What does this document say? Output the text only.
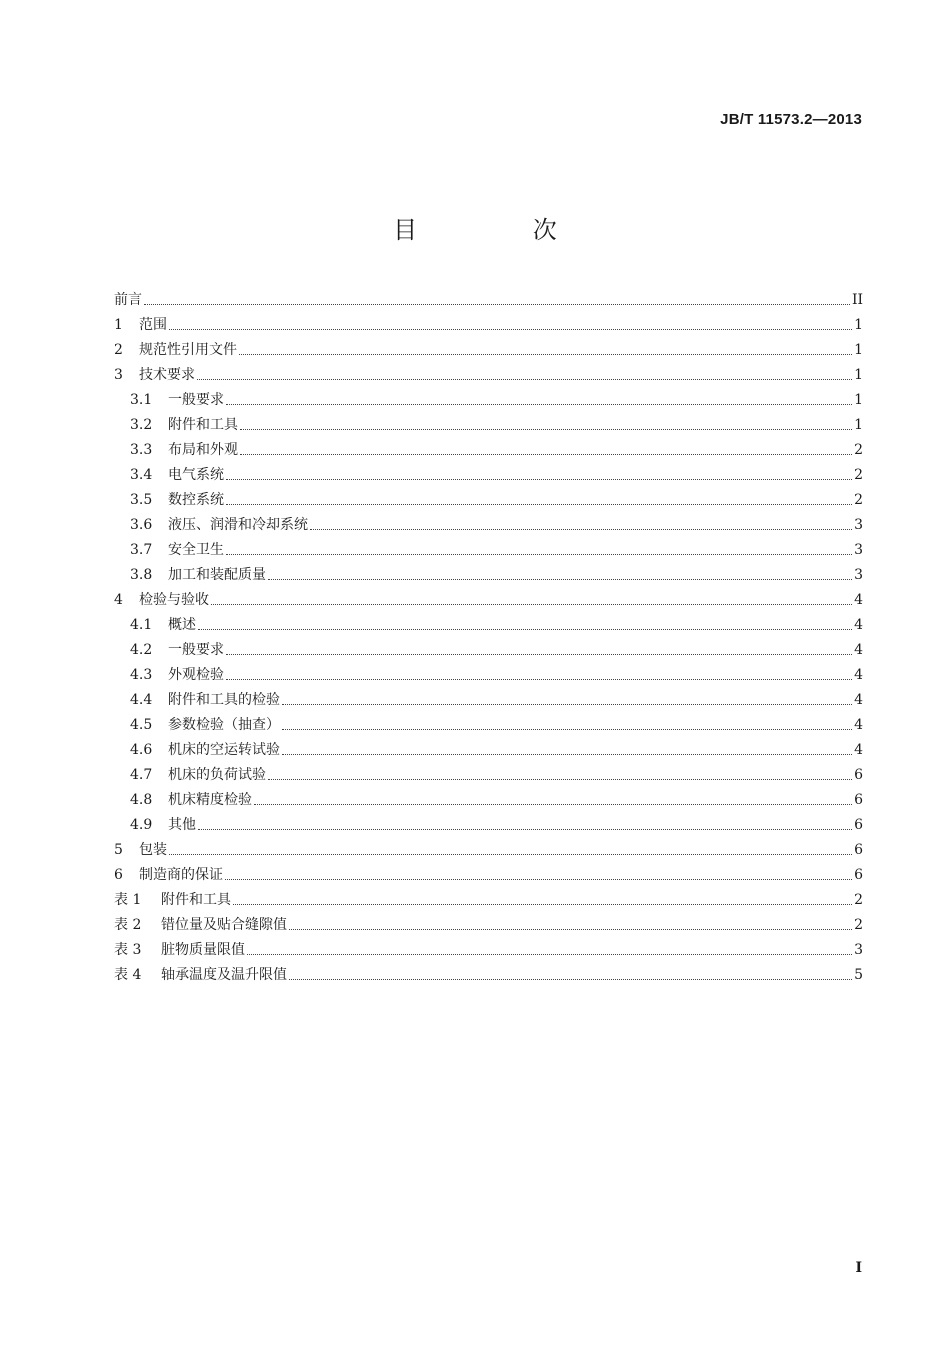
JB/T 11573.2—2013
目 次
前言	II
1	范围	1
2	规范性引用文件	1
3	技术要求	1
3.1	一般要求	1
3.2	附件和工具	1
3.3	布局和外观	2
3.4	电气系统	2
3.5	数控系统	2
3.6	液压、润滑和冷却系统	3
3.7	安全卫生	3
3.8	加工和装配质量	3
4	检验与验收	4
4.1	概述	4
4.2	一般要求	4
4.3	外观检验	4
4.4	附件和工具的检验	4
4.5	参数检验（抽查）	4
4.6	机床的空运转试验	4
4.7	机床的负荷试验	6
4.8	机床精度检验	6
4.9	其他	6
5	包装	6
6	制造商的保证	6
表 1	附件和工具	2
表 2	错位量及贴合缝隙值	2
表 3	脏物质量限值	3
表 4	轴承温度及温升限值	5
I
